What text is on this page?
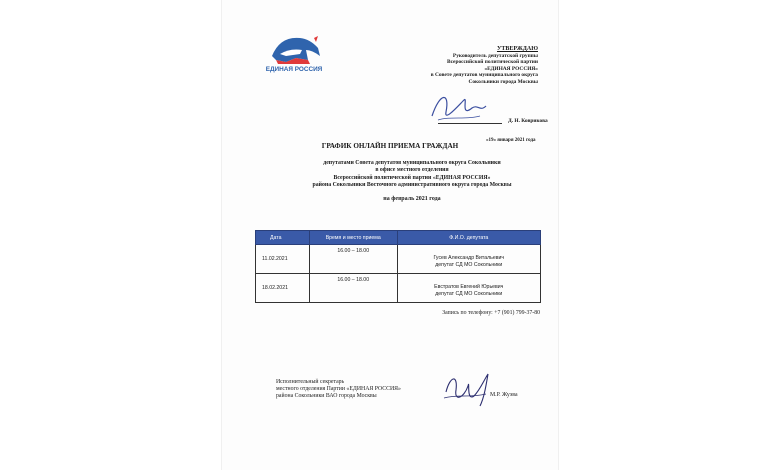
ЕДИНАЯ РОССИЯ
УТВЕРЖДАЮ
Руководитель депутатской группы
Всероссийской политической партии
«ЕДИНАЯ РОССИЯ»
в Совете депутатов муниципального округа
Сокольники города Москвы
Д. Н. Коврикова
«19» января 2021 года
ГРАФИК ОНЛАЙН ПРИЕМА ГРАЖДАН
депутатами Совета депутатов муниципального округа Сокольники
в офисе местного отделения
Всероссийской политической партии «ЕДИНАЯ РОССИЯ»
района Сокольники Восточного административного округа города Москвы
на февраль 2021 года
Дата	Время и место приема	Ф.И.О. депутата
11.02.2021	16.00 – 18.00	Гусев Александр Витальевич
депутат СД МО Сокольники

18.02.2021	16.00 – 18.00	Евстратов Евгений Юрьевич
депутат СД МО Сокольники
Запись по телефону: +7 (901) 799-37-80
Исполнительный секретарь
местного отделения Партии «ЕДИНАЯ РОССИЯ»
района Сокольники ВАО города Москвы	М.Р. Жуэва
